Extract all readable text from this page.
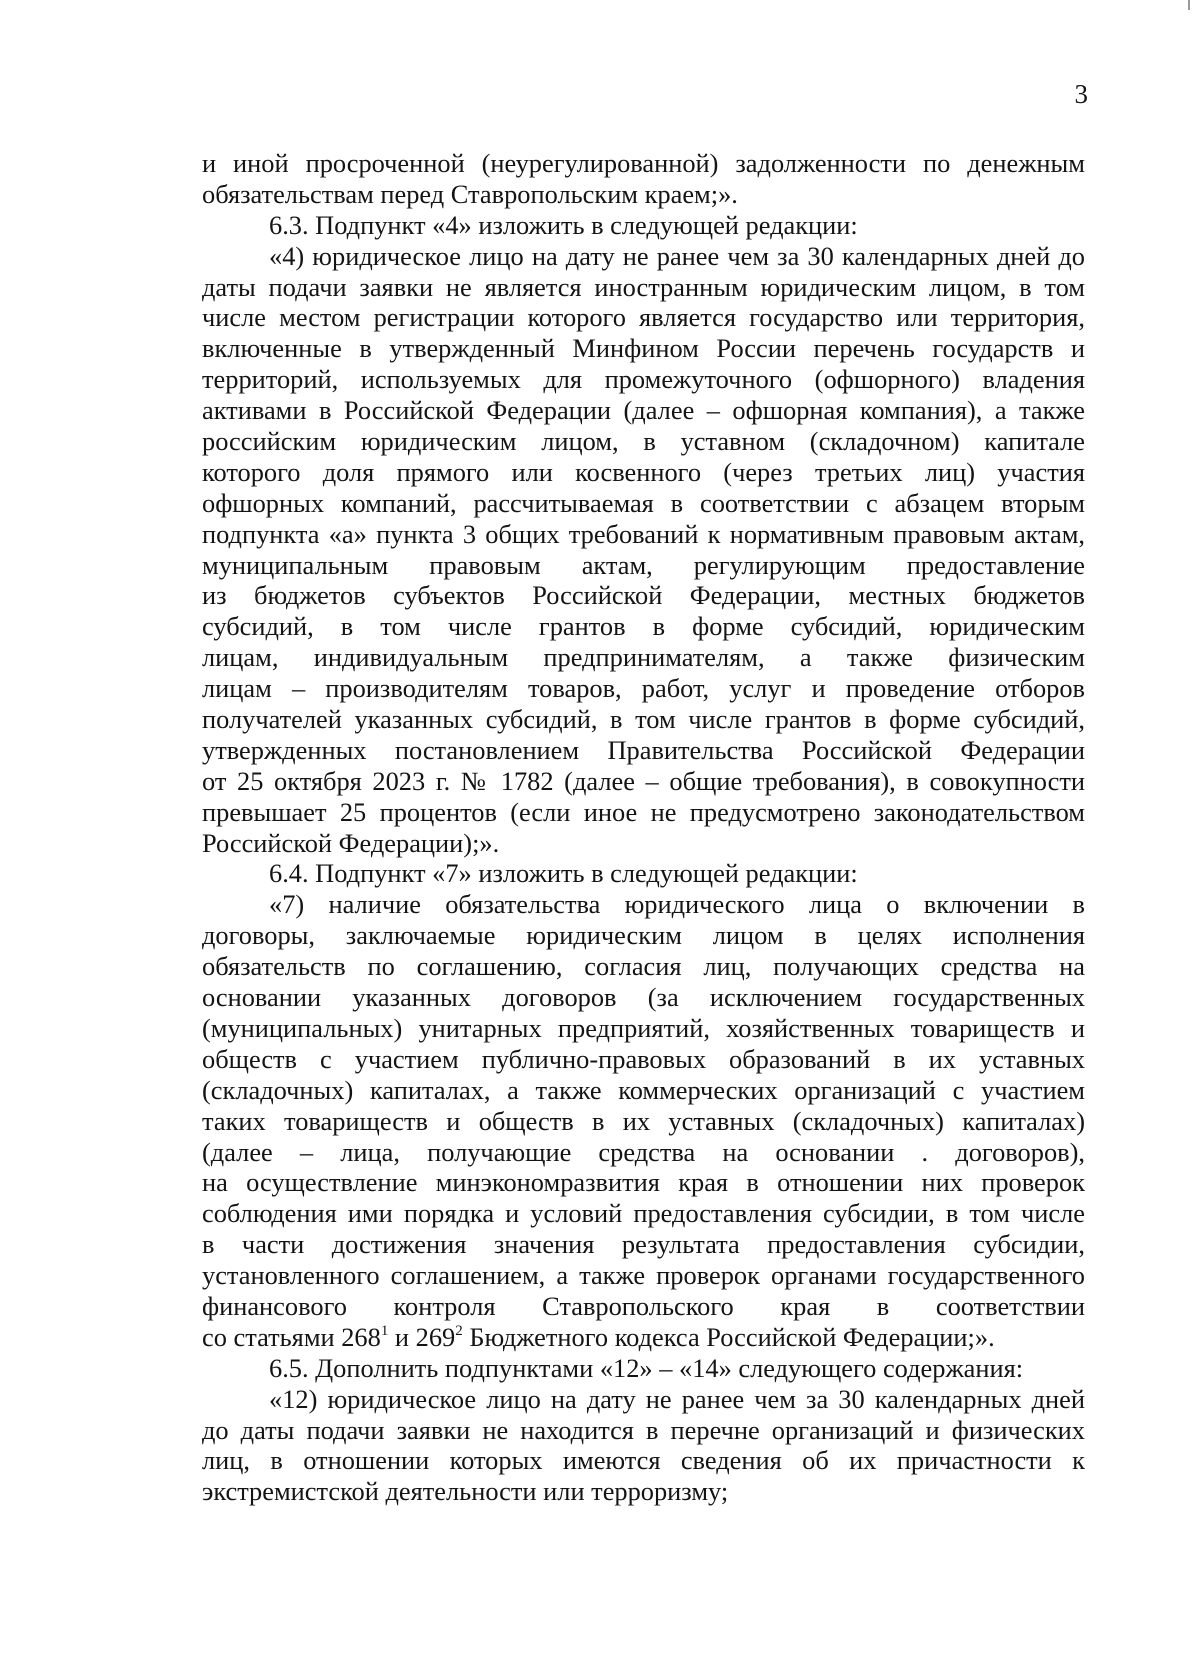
3
и иной просроченной (неурегулированной) задолженности по денежным
обязательствам перед Ставропольским краем;».
6.3. Подпункт «4» изложить в следующей редакции:
«4) юридическое лицо на дату не ранее чем за 30 календарных дней до
даты подачи заявки не является иностранным юридическим лицом, в том
числе местом регистрации которого является государство или территория,
включенные в утвержденный Минфином России перечень государств и
территорий, используемых для промежуточного (офшорного) владения
активами в Российской Федерации (далее – офшорная компания), а также
российским юридическим лицом, в уставном (складочном) капитале
которого доля прямого или косвенного (через третьих лиц) участия
офшорных компаний, рассчитываемая в соответствии с абзацем вторым
подпункта «а» пункта 3 общих требований к нормативным правовым актам,
муниципальным правовым актам, регулирующим предоставление
из бюджетов субъектов Российской Федерации, местных бюджетов
субсидий, в том числе грантов в форме субсидий, юридическим
лицам, индивидуальным предпринимателям, а также физическим
лицам – производителям товаров, работ, услуг и проведение отборов
получателей указанных субсидий, в том числе грантов в форме субсидий,
утвержденных постановлением Правительства Российской Федерации
от 25 октября 2023 г. № 1782 (далее – общие требования), в совокупности
превышает 25 процентов (если иное не предусмотрено законодательством
Российской Федерации);».
6.4. Подпункт «7» изложить в следующей редакции:
«7) наличие обязательства юридического лица о включении в
договоры, заключаемые юридическим лицом в целях исполнения
обязательств по соглашению, согласия лиц, получающих средства на
основании указанных договоров (за исключением государственных
(муниципальных) унитарных предприятий, хозяйственных товариществ и
обществ с участием публично-правовых образований в их уставных
(складочных) капиталах, а также коммерческих организаций с участием
таких товариществ и обществ в их уставных (складочных) капиталах)
(далее – лица, получающие средства на основании . договоров),
на осуществление минэкономразвития края в отношении них проверок
соблюдения ими порядка и условий предоставления субсидии, в том числе
в части достижения значения результата предоставления субсидии,
установленного соглашением, а также проверок органами государственного
финансового контроля Ставропольского края в соответствии
со статьями $268^1$ и $269^2$ Бюджетного кодекса Российской Федерации;».
6.5. Дополнить подпунктами «12» – «14» следующего содержания:
«12) юридическое лицо на дату не ранее чем за 30 календарных дней
до даты подачи заявки не находится в перечне организаций и физических
лиц, в отношении которых имеются сведения об их причастности к
экстремистской деятельности или терроризму;
